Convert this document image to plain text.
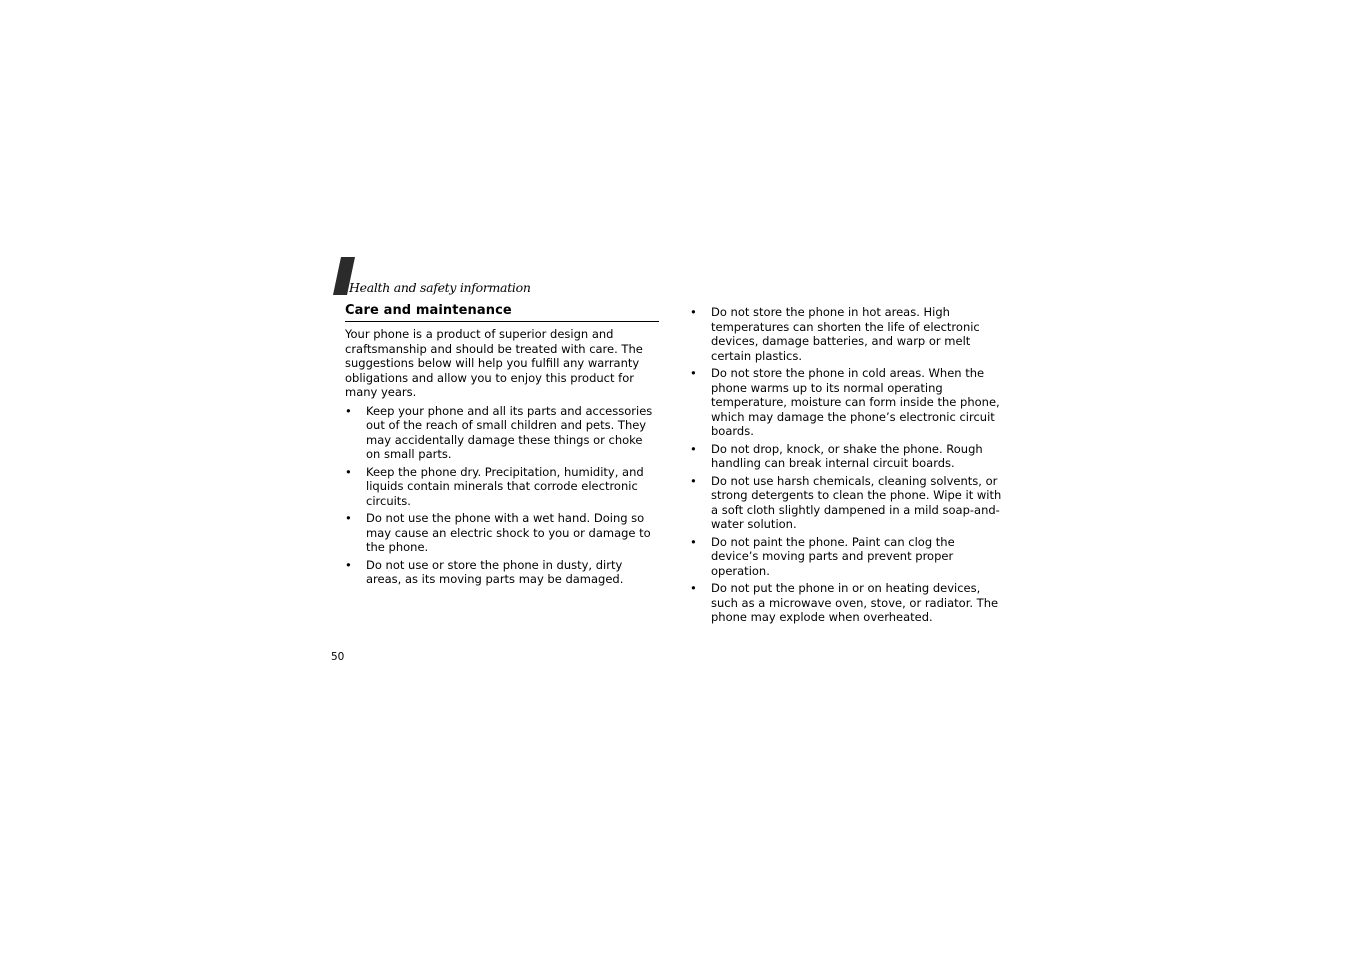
Health and safety information
Care and maintenance

Your phone is a product of superior design and craftsmanship and should be treated with care. The suggestions below will help you fulfill any warranty obligations and allow you to enjoy this product for many years.

•	Keep your phone and all its parts and accessories out of the reach of small children and pets. They may accidentally damage these things or choke on small parts.
•	Keep the phone dry. Precipitation, humidity, and liquids contain minerals that corrode electronic circuits.
•	Do not use the phone with a wet hand. Doing so may cause an electric shock to you or damage to the phone.
•	Do not use or store the phone in dusty, dirty areas, as its moving parts may be damaged.
•	Do not store the phone in hot areas. High temperatures can shorten the life of electronic devices, damage batteries, and warp or melt certain plastics.
•	Do not store the phone in cold areas. When the phone warms up to its normal operating temperature, moisture can form inside the phone, which may damage the phone’s electronic circuit boards.
•	Do not drop, knock, or shake the phone. Rough handling can break internal circuit boards.
•	Do not use harsh chemicals, cleaning solvents, or strong detergents to clean the phone. Wipe it with a soft cloth slightly dampened in a mild soap-and-water solution.
•	Do not paint the phone. Paint can clog the device’s moving parts and prevent proper operation.
•	Do not put the phone in or on heating devices, such as a microwave oven, stove, or radiator. The phone may explode when overheated.
50
